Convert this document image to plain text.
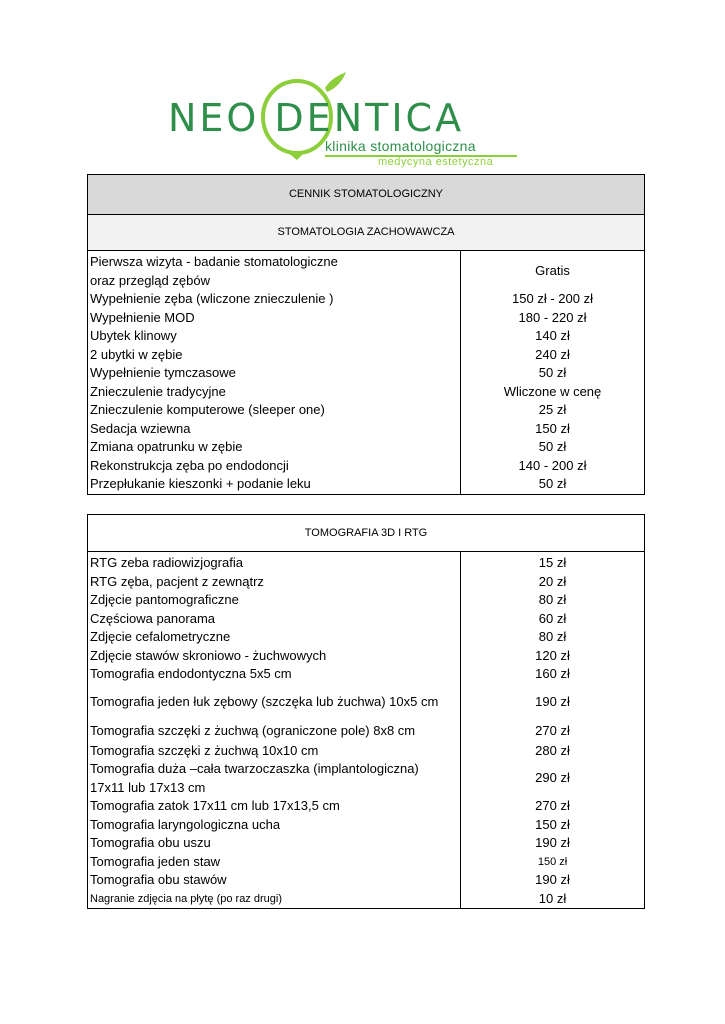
NEO DENTICA
klinika stomatologiczna
medycyna estetyczna
CENNIK STOMATOLOGICZNY	
STOMATOLOGIA ZACHOWAWCZA	

Pierwsza wizyta - badanie stomatologiczne
oraz przegląd zębów	Gratis
Wypełnienie zęba (wliczone znieczulenie )	150 zł - 200 zł
Wypełnienie MOD	180 - 220 zł
Ubytek klinowy	140 zł
2 ubytki w zębie	240 zł
Wypełnienie tymczasowe	50 zł
Znieczulenie tradycyjne	Wliczone w cenę
Znieczulenie komputerowe (sleeper one)	25 zł
Sedacja wziewna	150 zł
Zmiana opatrunku w zębie	50 zł
Rekonstrukcja zęba po endodoncji	140 - 200 zł
Przepłukanie kieszonki + podanie leku	50 zł
TOMOGRAFIA 3D I RTG	
RTG zeba radiowizjografia	15 zł
RTG zęba, pacjent z zewnątrz	20 zł
Zdjęcie pantomograficzne	80 zł
Częściowa panorama	60 zł
Zdjęcie cefalometryczne	80 zł
Zdjęcie stawów skroniowo - żuchwowych	120 zł
Tomografia endodontyczna 5x5 cm	160 zł
Tomografia jeden łuk zębowy (szczęka lub żuchwa) 10x5 cm	190 zł
Tomografia szczęki z żuchwą (ograniczone pole) 8x8 cm	270 zł
Tomografia szczęki z żuchwą 10x10 cm	280 zł

Tomografia duża –cała twarzoczaszka (implantologiczna)
17x11 lub 17x13 cm	290 zł
Tomografia zatok 17x11 cm lub 17x13,5 cm	270 zł
Tomografia laryngologiczna ucha	150 zł
Tomografia obu uszu	190 zł
Tomografia jeden staw	150 zł
Tomografia obu stawów	190 zł
Nagranie zdjęcia na płytę (po raz drugi)	10 zł
